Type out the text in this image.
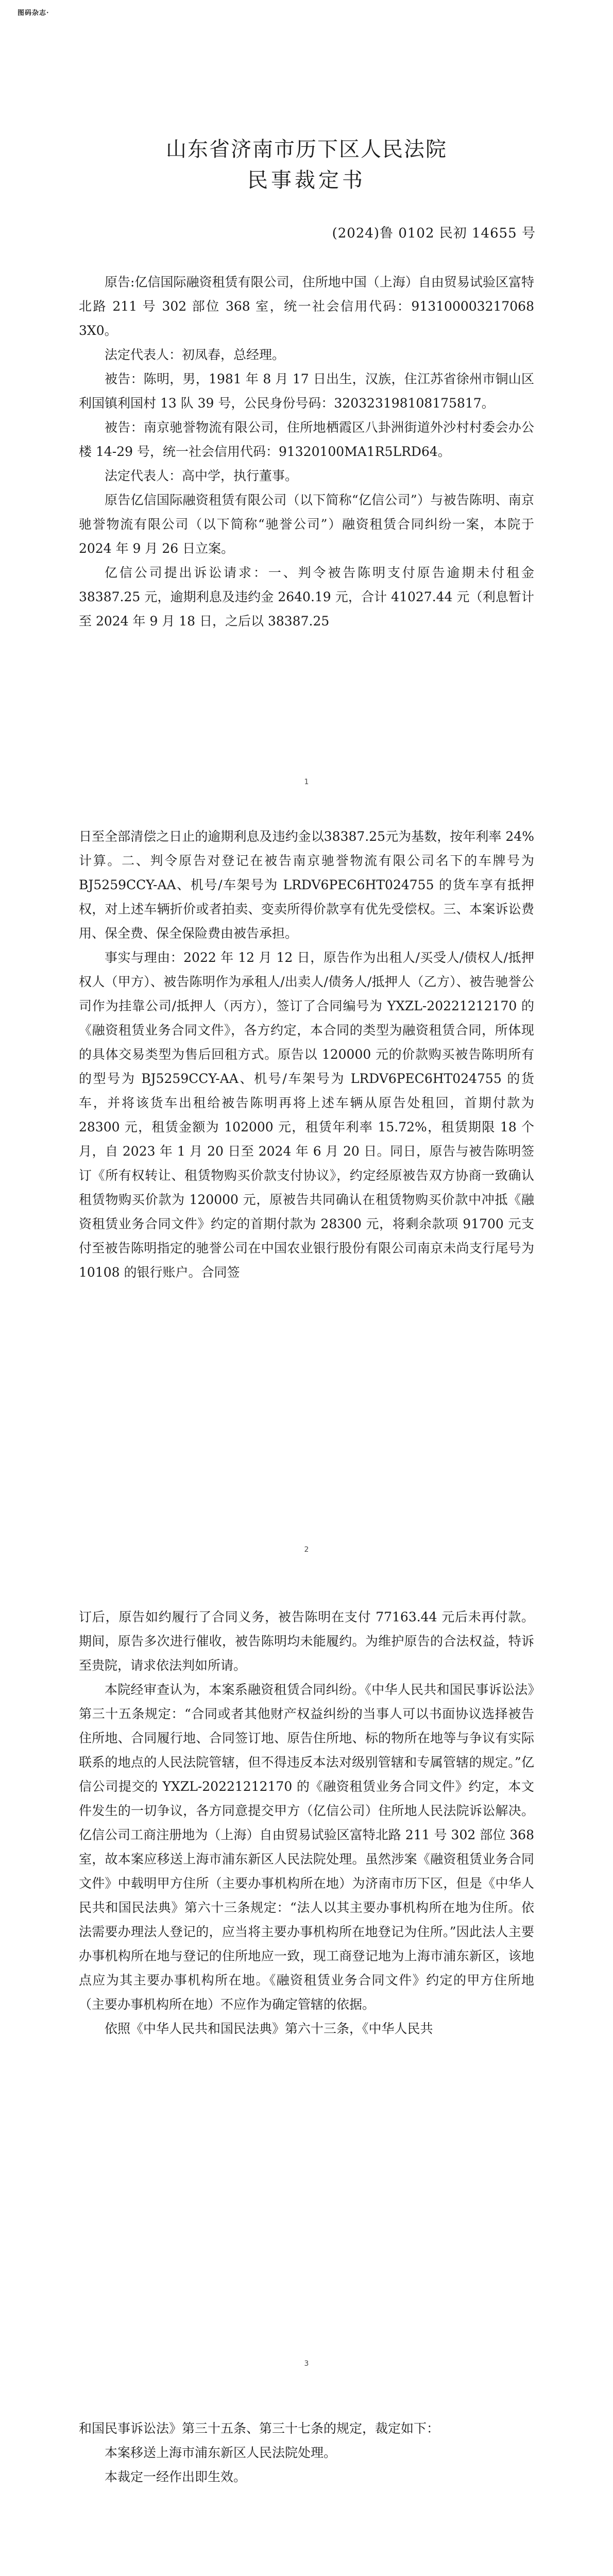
图码杂志·
山东省济南市历下区人民法院
民事裁定书
(2024)鲁 0102 民初 14655 号

原告:亿信国际融资租赁有限公司，住所地中国（上海）自由贸易试验区富特北路 211 号 302 部位 368 室，统一社会信用代码：913100003217068 3X0。

法定代表人：初凤春，总经理。

被告：陈明，男，1981 年 8 月 17 日出生，汉族，住江苏省徐州市铜山区利国镇利国村 13 队 39 号，公民身份号码：320323198108175817。

被告：南京驰誉物流有限公司，住所地栖霞区八卦洲街道外沙村村委会办公楼 14-29 号，统一社会信用代码：91320100MA1R5LRD64。

法定代表人：高中学，执行董事。

原告亿信国际融资租赁有限公司（以下简称“亿信公司”）与被告陈明、南京驰誉物流有限公司（以下简称“驰誉公司”）融资租赁合同纠纷一案，本院于 2024 年 9 月 26 日立案。

亿信公司提出诉讼请求：一、判令被告陈明支付原告逾期未付租金 38387.25 元，逾期利息及违约金 2640.19 元，合计 41027.44 元（利息暂计至 2024 年 9 月 18 日，之后以 38387.25

1

日至全部清偿之日止的逾期利息及违约金以38387.25元为基数，按年利率 24%计算。二、判令原告对登记在被告南京驰誉物流有限公司名下的车牌号为 BJ5259CCY-AA、机号/车架号为 LRDV6PEC6HT024755 的货车享有抵押权，对上述车辆折价或者拍卖、变卖所得价款享有优先受偿权。三、本案诉讼费用、保全费、保全保险费由被告承担。

事实与理由：2022 年 12 月 12 日，原告作为出租人/买受人/债权人/抵押权人（甲方）、被告陈明作为承租人/出卖人/债务人/抵押人（乙方）、被告驰誉公司作为挂靠公司/抵押人（丙方），签订了合同编号为 YXZL-20221212170 的《融资租赁业务合同文件》，各方约定，本合同的类型为融资租赁合同，所体现的具体交易类型为售后回租方式。原告以 120000 元的价款购买被告陈明所有的型号为 BJ5259CCY-AA、机号/车架号为 LRDV6PEC6HT024755 的货车，并将该货车出租给被告陈明再将上述车辆从原告处租回，首期付款为 28300 元，租赁金额为 102000 元，租赁年利率 15.72%，租赁期限 18 个月，自 2023 年 1 月 20 日至 2024 年 6 月 20 日。同日，原告与被告陈明签订《所有权转让、租赁物购买价款支付协议》，约定经原被告双方协商一致确认租赁物购买价款为 120000 元，原被告共同确认在租赁物购买价款中冲抵《融资租赁业务合同文件》约定的首期付款为 28300 元，将剩余款项 91700 元支付至被告陈明指定的驰誉公司在中国农业银行股份有限公司南京未尚支行尾号为 10108 的银行账户。合同签

2

订后，原告如约履行了合同义务，被告陈明在支付 77163.44 元后未再付款。期间，原告多次进行催收，被告陈明均未能履约。为维护原告的合法权益，特诉至贵院，请求依法判如所请。

本院经审查认为，本案系融资租赁合同纠纷。《中华人民共和国民事诉讼法》第三十五条规定：“合同或者其他财产权益纠纷的当事人可以书面协议选择被告住所地、合同履行地、合同签订地、原告住所地、标的物所在地等与争议有实际联系的地点的人民法院管辖，但不得违反本法对级别管辖和专属管辖的规定。”亿信公司提交的 YXZL-20221212170 的《融资租赁业务合同文件》约定，本文件发生的一切争议，各方同意提交甲方（亿信公司）住所地人民法院诉讼解决。亿信公司工商注册地为（上海）自由贸易试验区富特北路 211 号 302 部位 368 室，故本案应移送上海市浦东新区人民法院处理。虽然涉案《融资租赁业务合同文件》中载明甲方住所（主要办事机构所在地）为济南市历下区，但是《中华人民共和国民法典》第六十三条规定：“法人以其主要办事机构所在地为住所。依法需要办理法人登记的，应当将主要办事机构所在地登记为住所。”因此法人主要办事机构所在地与登记的住所地应一致，现工商登记地为上海市浦东新区，该地点应为其主要办事机构所在地。《融资租赁业务合同文件》约定的甲方住所地（主要办事机构所在地）不应作为确定管辖的依据。

依照《中华人民共和国民法典》第六十三条，《中华人民共

3

和国民事诉讼法》第三十五条、第三十七条的规定，裁定如下：

本案移送上海市浦东新区人民法院处理。

本裁定一经作出即生效。
